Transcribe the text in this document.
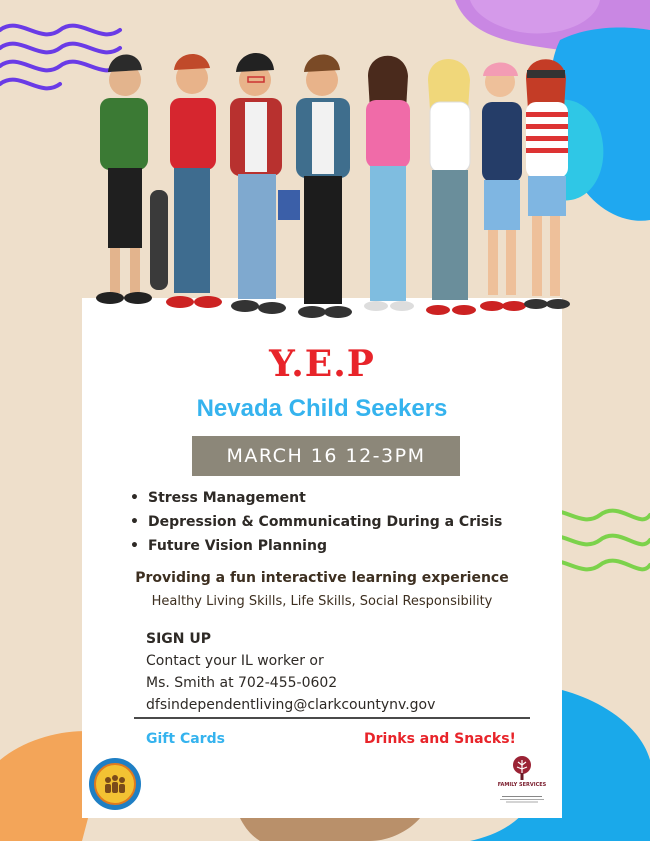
Y.E.P
Nevada Child Seekers
MARCH 16 12-3PM
• Stress Management
• Depression & Communicating During a Crisis
• Future Vision Planning
Providing a fun interactive learning experience
Healthy Living Skills, Life Skills, Social Responsibility
SIGN UP
Contact your IL worker or
Ms. Smith at 702-455-0602
dfsindependentliving@clarkcountynv.gov
Gift Cards	Drinks and Snacks!
FAMILY SERVICES
